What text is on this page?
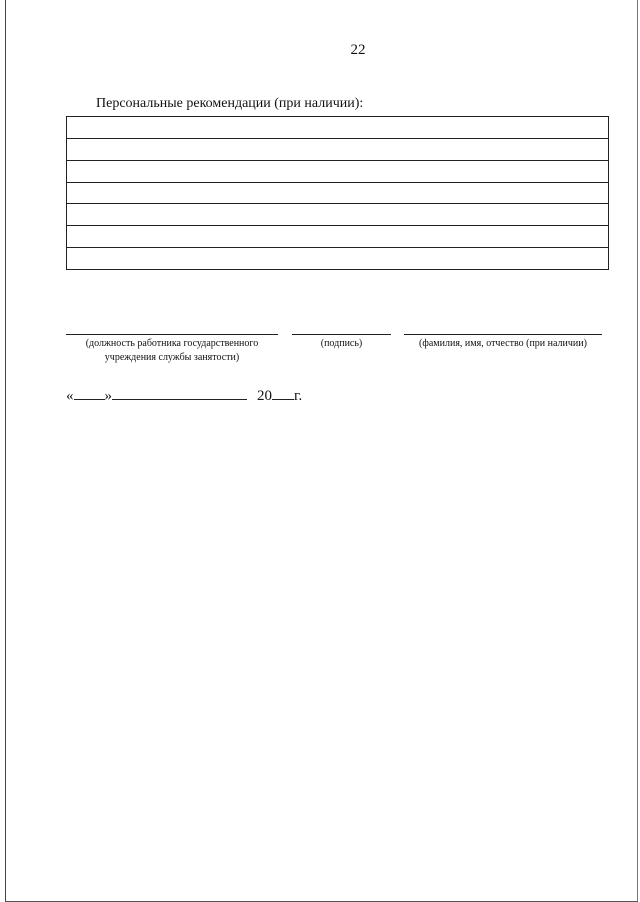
22
Персональные рекомендации (при наличии):
(должность работника государственного
учреждения службы занятости)
(подпись)	(фамилия, имя, отчество (при наличии)
« »	20 г.
